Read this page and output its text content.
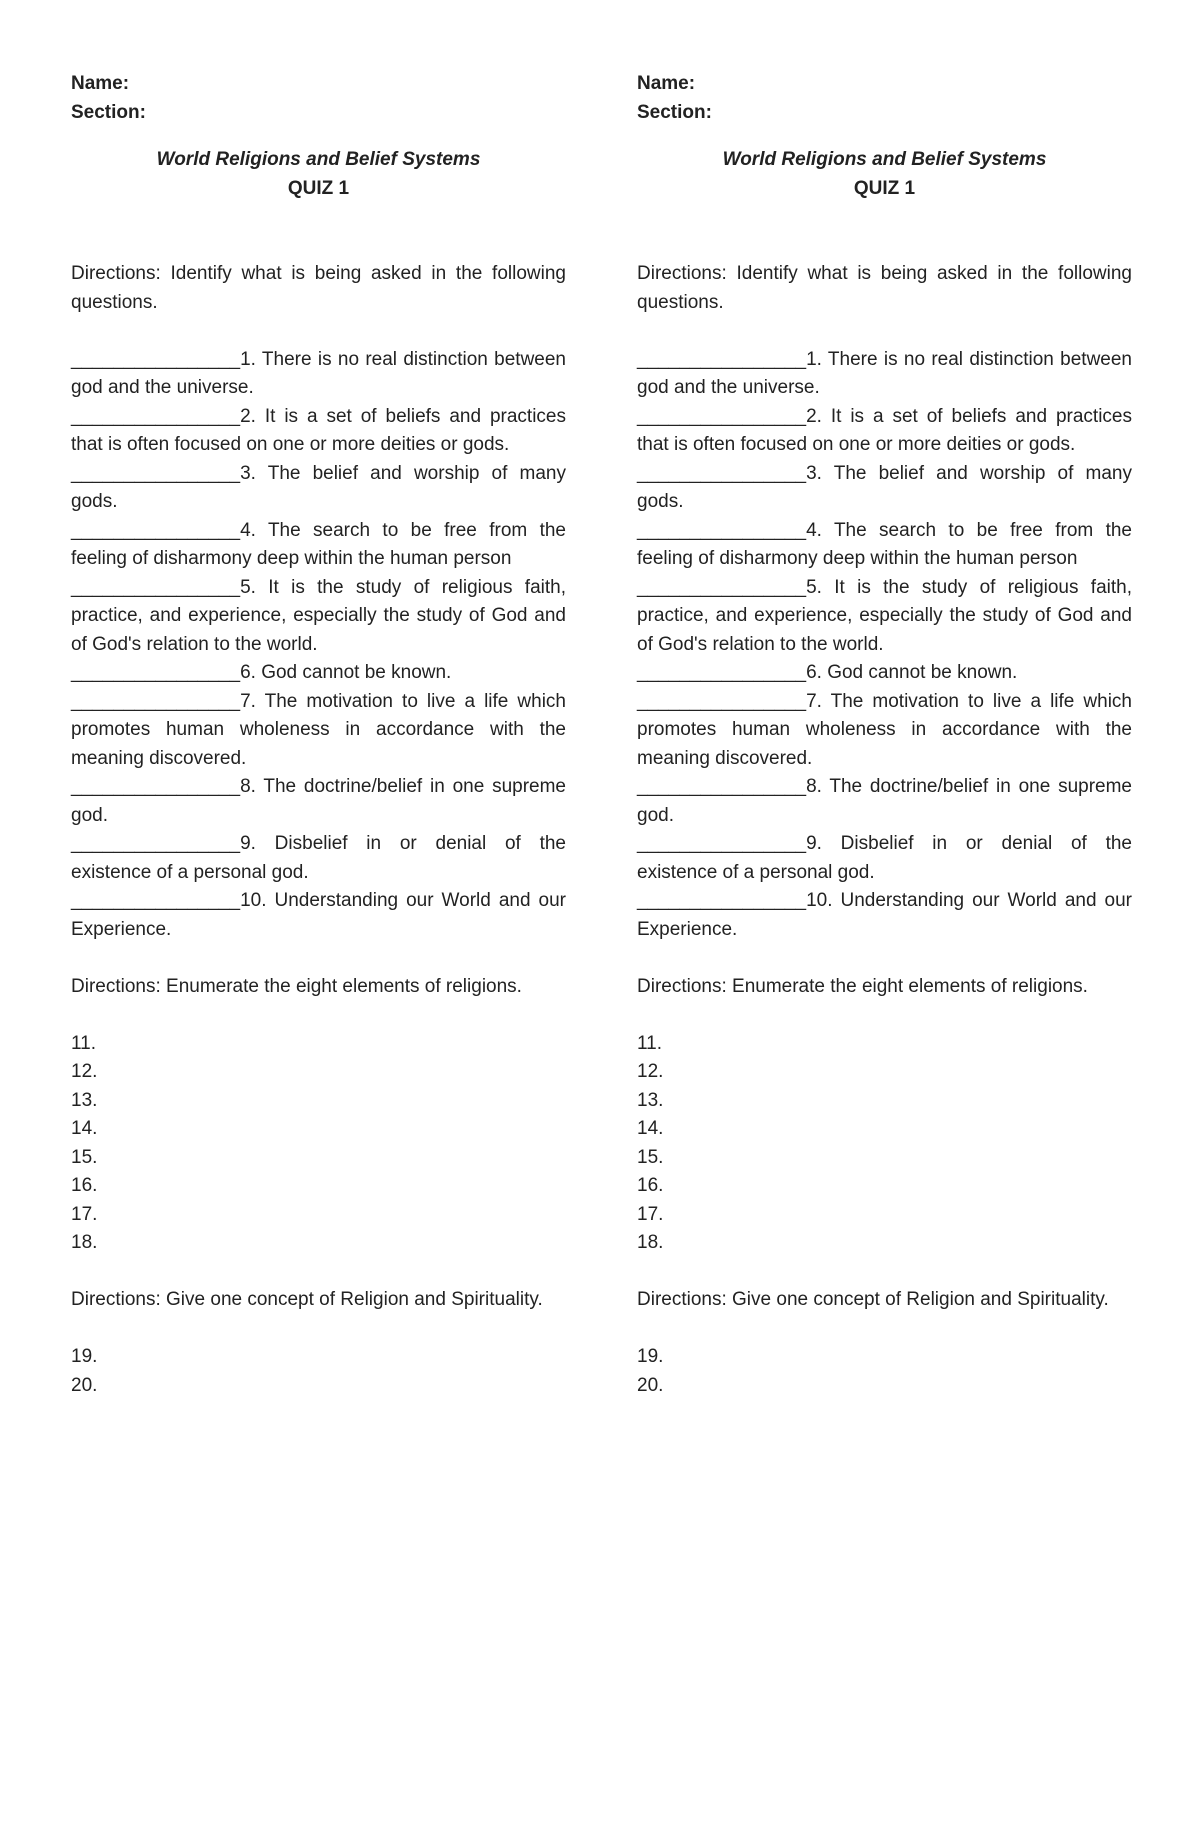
Name:

Section:

World Religions and Belief Systems
QUIZ 1

Directions: Identify what is being asked in the following questions.

________________1. There is no real distinction between god and the universe.

________________2. It is a set of beliefs and practices that is often focused on one or more deities or gods.

________________3. The belief and worship of many gods.

________________4. The search to be free from the feeling of disharmony deep within the human person

________________5. It is the study of religious faith, practice, and experience, especially the study of God and of God's relation to the world.

________________6. God cannot be known.

________________7. The motivation to live a life which promotes human wholeness in accordance with the meaning discovered.

________________8. The doctrine/belief in one supreme god.

________________9. Disbelief in or denial of the existence of a personal god.

________________10. Understanding our World and our Experience.

Directions: Enumerate the eight elements of religions.

11.

12.

13.

14.

15.

16.

17.

18.

Directions: Give one concept of Religion and Spirituality.

19.

20.

Name:

Section:

World Religions and Belief Systems
QUIZ 1

Directions: Identify what is being asked in the following questions.

________________1. There is no real distinction between god and the universe.

________________2. It is a set of beliefs and practices that is often focused on one or more deities or gods.

________________3. The belief and worship of many gods.

________________4. The search to be free from the feeling of disharmony deep within the human person

________________5. It is the study of religious faith, practice, and experience, especially the study of God and of God's relation to the world.

________________6. God cannot be known.

________________7. The motivation to live a life which promotes human wholeness in accordance with the meaning discovered.

________________8. The doctrine/belief in one supreme god.

________________9. Disbelief in or denial of the existence of a personal god.

________________10. Understanding our World and our Experience.

Directions: Enumerate the eight elements of religions.

11.

12.

13.

14.

15.

16.

17.

18.

Directions: Give one concept of Religion and Spirituality.

19.

20.
